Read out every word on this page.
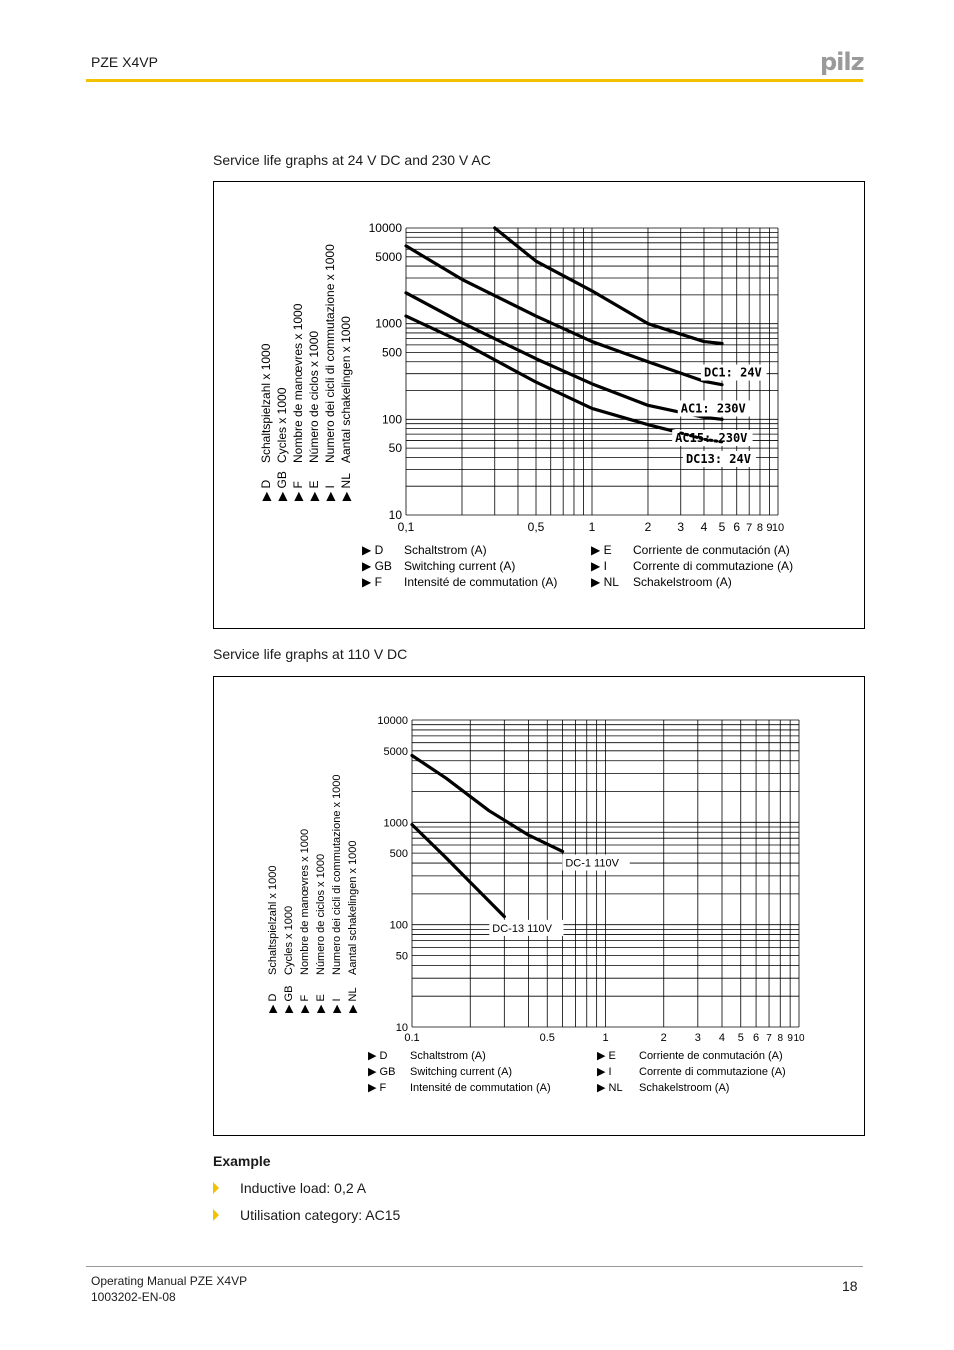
PZE X4VP	pilz
Service life graphs at 24 V DC and 230 V AC
10
50
100
500
1000
5000
10000
0,1	0,5	1	2 3 4 5 6 7 8 9 10
DC1: 24V
AC1: 230V
AC15: 230V
DC13: 24V
▶ D
Schaltspielzahl x 1000
▶ GB
Cycles x 1000
▶ F
Nombre de manœvres x 1000
▶ E
Número de ciclos x 1000
▶ I
Numero dei cicli di commutazione x 1000
▶ NL
Aantal schakelingen x 1000
▶ D Schaltstrom (A)
▶ GB Switching current (A)
▶ F Intensité de commutation (A)
▶ E Corriente de conmutación (A)
▶ I Corrente di commutazione (A)
▶ NL Schakelstroom (A)
Service life graphs at 110 V DC
10
50
100
500
1000
5000
10000
0.1	0.5	1	2	3 4 5 6 7 8 9 10
DC-1 110V
DC-13 110V
▶ D
Schaltspielzahl x 1000
▶ GB
Cycles x 1000
▶ F
Nombre de manœvres x 1000
▶ E
Número de ciclos x 1000
▶ I
Numero dei cicli di commutazione x 1000
▶ NL
Aantal schakelingen x 1000
▶ D Schaltstrom (A)
▶ GB Switching current (A)
▶ F Intensité de commutation (A)
▶ E Corriente de conmutación (A)
▶ I Corrente di commutazione (A)
▶ NL Schakelstroom (A)
Example
Inductive load: 0,2 A
Utilisation category: AC15
Operating Manual PZE X4VP
1003202-EN-08
18
